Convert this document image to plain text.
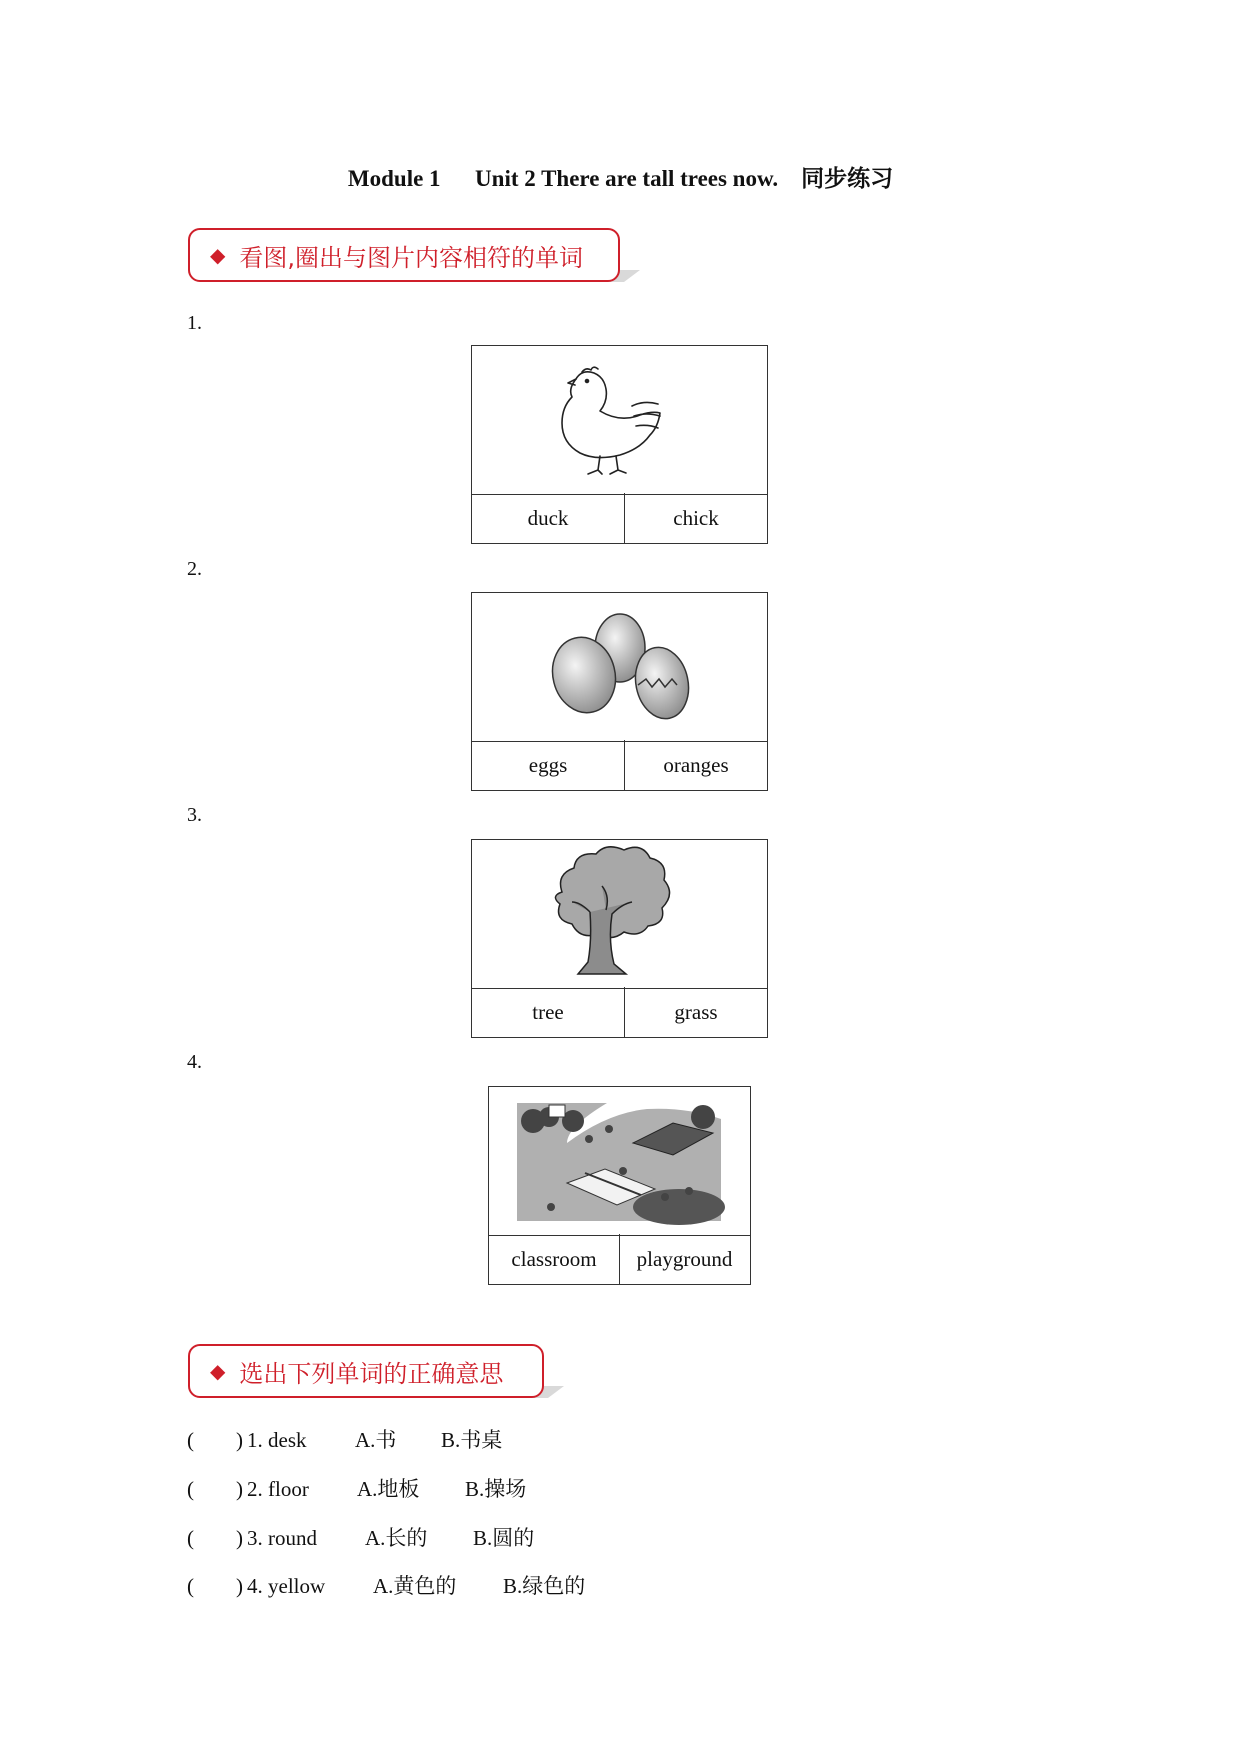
Module 1      Unit 2 There are tall trees now.    同步练习
◆ 看图,圈出与图片内容相符的单词
1.
duck	chick
2.
eggs	oranges
3.
tree	grass
4.
classroom	playground
◆ 选出下列单词的正确意思
(        ) 1. desk A.书 B.书桌
(        ) 2. floor A.地板 B.操场
(        ) 3. round A.长的 B.圆的
(        ) 4. yellow A.黄色的 B.绿色的
